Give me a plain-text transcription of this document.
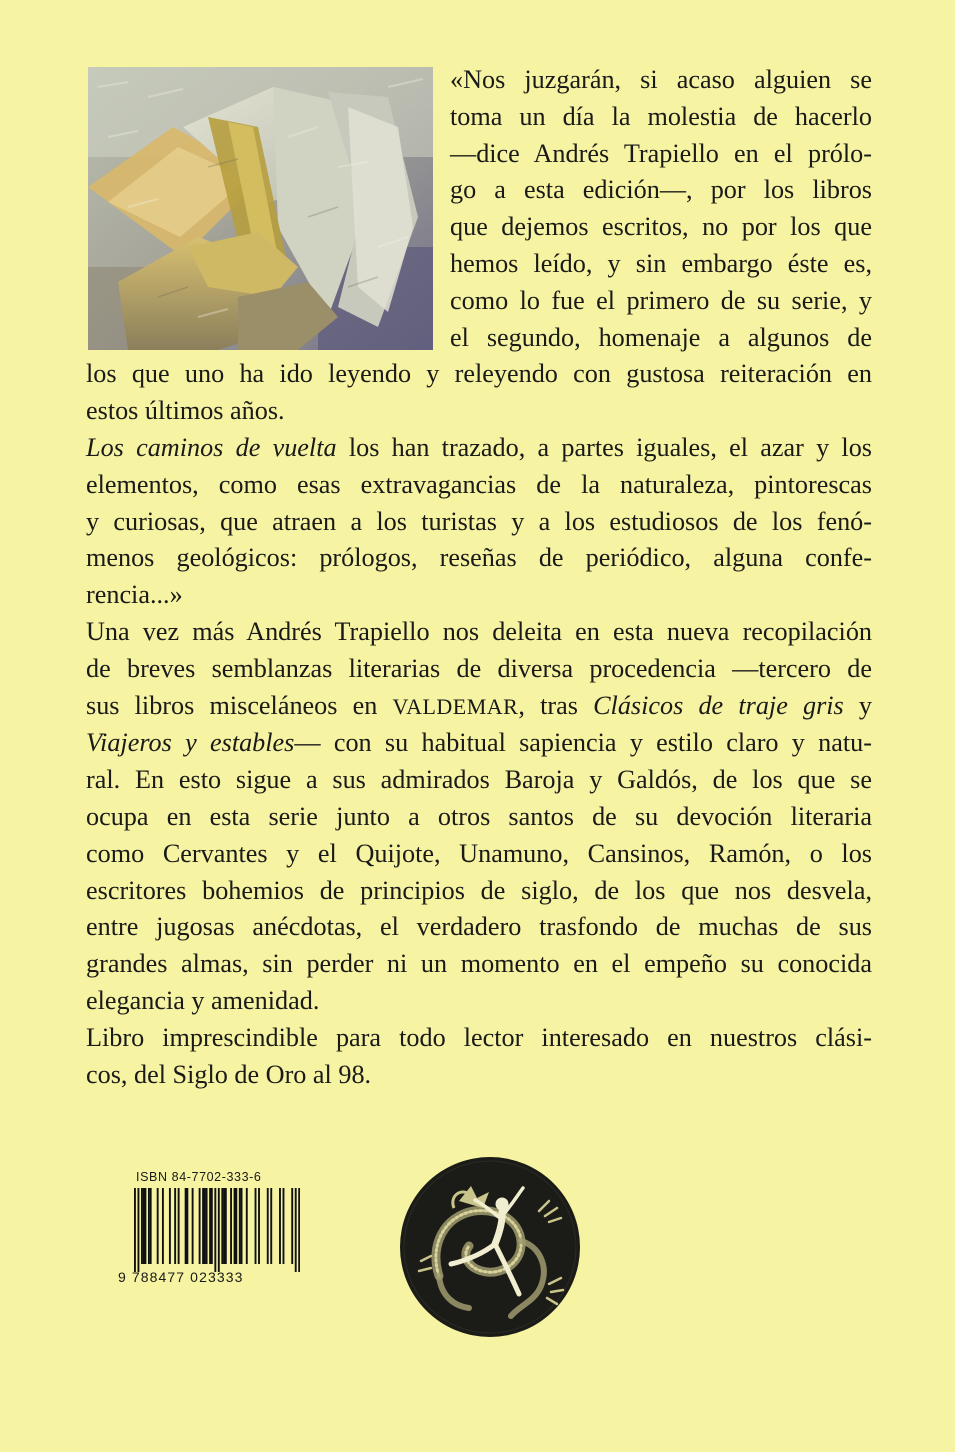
«Nos juzgarán, si acaso alguien se
toma un día la molestia de hacerlo
—dice Andrés Trapiello en el prólo-
go a esta edición—, por los libros
que dejemos escritos, no por los que
hemos leído, y sin embargo éste es,
como lo fue el primero de su serie, y
el segundo, homenaje a algunos de
los que uno ha ido leyendo y releyendo con gustosa reiteración en
estos últimos años.
Los caminos de vuelta los han trazado, a partes iguales, el azar y los
elementos, como esas extravagancias de la naturaleza, pintorescas
y curiosas, que atraen a los turistas y a los estudiosos de los fenó-
menos geológicos: prólogos, reseñas de periódico, alguna confe-
rencia...»
Una vez más Andrés Trapiello nos deleita en esta nueva recopilación
de breves semblanzas literarias de diversa procedencia —tercero de
sus libros misceláneos en VALDEMAR, tras Clásicos de traje gris y
Viajeros y estables— con su habitual sapiencia y estilo claro y natu-
ral. En esto sigue a sus admirados Baroja y Galdós, de los que se
ocupa en esta serie junto a otros santos de su devoción literaria
como Cervantes y el Quijote, Unamuno, Cansinos, Ramón, o los
escritores bohemios de principios de siglo, de los que nos desvela,
entre jugosas anécdotas, el verdadero trasfondo de muchas de sus
grandes almas, sin perder ni un momento en el empeño su conocida
elegancia y amenidad.
Libro imprescindible para todo lector interesado en nuestros clási-
cos, del Siglo de Oro al 98.
ISBN 84-7702-333-6
9 788477 023333
